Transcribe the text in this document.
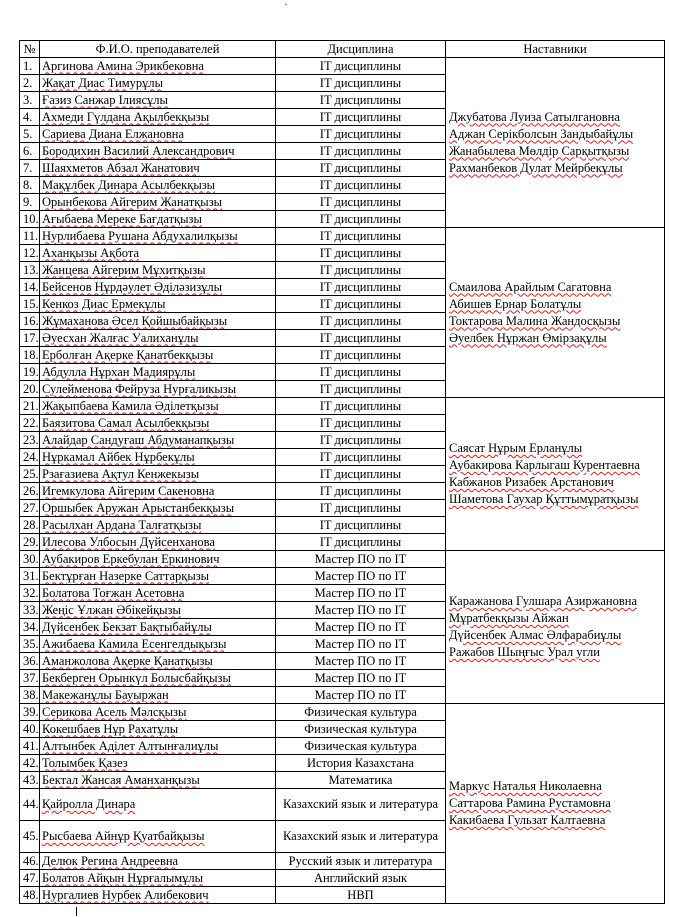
`
№	Ф.И.О. преподавателей	Дисциплина	Наставники
1.	Аргинова Амина Эрикбековна	IT дисциплины	Джубатова Луиза Сатылгановна
Аджан Серікболсын Зандыбайұлы
Жанабылева Мөлдір Сарқытқызы
Рахманбеков Дулат Мейрбекұлы

2.	Жақат Диас Тимурұлы	IT дисциплины	
3.	Ғазиз Санжар Ілиясұлы	IT дисциплины	
4.	Ахмеди Гүлдана Ақылбекқызы	IT дисциплины	
5.	Сариева Диана Елжановна	IT дисциплины	
6.	Бородихин Василий Александрович	IT дисциплины	
7.	Шаяхметов Абзал Жанатович	IT дисциплины	
8.	Мақұлбек Динара Асылбекқызы	IT дисциплины	
9.	Орынбекова Айгерим Жанатқызы	IT дисциплины	
10.	Ағыбаева Мереке Бағдатқызы	IT дисциплины	
11.	Нурлибаева Рушана Абдухалилқызы	IT дисциплины	Смаилова Арайлым Сагатовна
Абишев Ернар Болатұлы
Токтарова Малина Жандосқызы
Әуелбек Нұржан Өмірзақұлы

12.	Аханқызы Ақбота	IT дисциплины	
13.	Жанцева Айгерим Мұхитқызы	IT дисциплины	
14.	Бейсенов Нұрдәулет Әділәзизұлы	IT дисциплины	
15.	Кенкоз Диас Ермекұлы	IT дисциплины	
16.	Жұмаханова Әсел Қойшыбайқызы	IT дисциплины	
17.	Әуесхан Жалғас Уалиханұлы	IT дисциплины	
18.	Ерболған Ақерке Қанатбекқызы	IT дисциплины	
19.	Абдулла Нұрхан Мадиярұлы	IT дисциплины	
20.	Сулейменова Фейруза Нурғаликызы	IT дисциплины	
21.	Жақыпбаева Камила Әділетқызы	IT дисциплины	Саясат Нұрым Ерланұлы
Аубакирова Карлыгаш Курентаевна
Кабжанов Ризабек Арстанович
Шаметова Гаухар Құттымұратқызы

22.	Баязитова Самал Асылбекқызы	IT дисциплины	
23.	Алайдар Сандуғаш Абдуманапқызы	IT дисциплины	
24.	Нұркамал Айбек Нұрбекұлы	IT дисциплины	
25.	Рзағазиева Ақтул Кенжекызы	IT дисциплины	
26.	Игемкулова Айгерим Сакеновна	IT дисциплины	
27.	Оршыбек Аружан Арыстанбекқызы	IT дисциплины	
28.	Расылхан Ардана Талғатқызы	IT дисциплины	
29.	Илесова Улбосын Дүйсенханова	IT дисциплины	
30.	Аубакиров Еркебулан Еркинович	Мастер ПО по IT	Каражанова Гулшара Азиржановна
Мұратбекқызы Айжан
Дүйсенбек Алмас Әлфарабиұлы
Ражабов Шыңғыс Урал угли

31.	Бектұрған Назерке Саттарқызы	Мастер ПО по IT	
32.	Болатова Тоғжан Асетовна	Мастер ПО по IT	
33.	Жеңіс Ұлжан Әбікейқызы	Мастер ПО по IT	
34.	Дүйсенбек Бекзат Бақтыбайұлы	Мастер ПО по IT	
35.	Ажибаева Камила Есенгелдықызы	Мастер ПО по IT	
36.	Аманжолова Ақерке Қанатқызы	Мастер ПО по IT	
37.	Бекберген Орынкүл Болысбайқызы	Мастер ПО по IT	
38.	Макежанұлы Бауыржан	Мастер ПО по IT	
39.	Серикова Асель Мәлсқызы	Физическая культура	Маркус Наталья Николаевна
Саттарова Рамина Рустамовна
Какибаева Гульзат Калтаевна

40.	Кокешбаев Нұр Рахатұлы	Физическая культура	
41.	Алтынбек Аділет Алтынғалиұлы	Физическая культура	
42.	Толымбек Қазез	История Казахстана	
43.	Бектал Жансая Аманханқызы	Математика	
44.	Қайролла Динара	Казахский язык и литература	
45.	Рысбаева Айнұр Қуатбайқызы	Казахский язык и литература	
46.	Делюк Регина Андреевна	Русский язык и литература	
47.	Болатов Айқын Нұрғалымұлы	Английский язык	
48.	Нургалиев Нурбек Алибекович	НВП	
